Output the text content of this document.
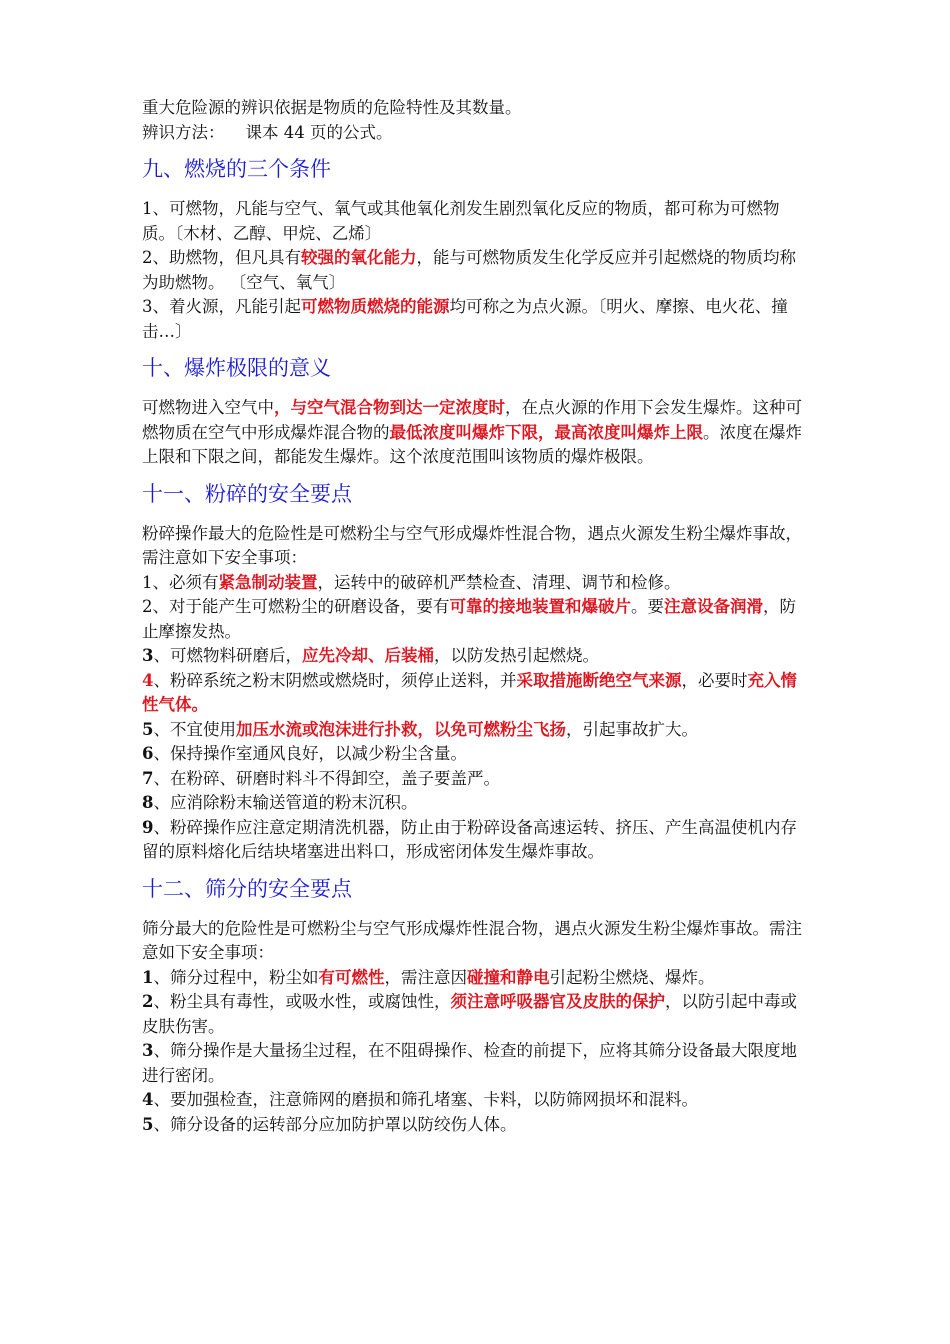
重大危险源的辨识依据是物质的危险特性及其数量。

辨识方法：    课本 44 页的公式。

九、燃烧的三个条件

1、可燃物，凡能与空气、氧气或其他氧化剂发生剧烈氧化反应的物质，都可称为可燃物质。〔木材、乙醇、甲烷、乙烯〕

2、助燃物，但凡具有较强的氧化能力，能与可燃物质发生化学反应并引起燃烧的物质均称

为助燃物。 〔空气、氧气〕

3、着火源，凡能引起可燃物质燃烧的能源均可称之为点火源。〔明火、摩擦、电火花、撞击…〕

十、爆炸极限的意义

可燃物进入空气中，与空气混合物到达一定浓度时，在点火源的作用下会发生爆炸。这种可燃物质在空气中形成爆炸混合物的最低浓度叫爆炸下限，最高浓度叫爆炸上限。浓度在爆炸上限和下限之间，都能发生爆炸。这个浓度范围叫该物质的爆炸极限。

十一、粉碎的安全要点

粉碎操作最大的危险性是可燃粉尘与空气形成爆炸性混合物，遇点火源发生粉尘爆炸事故，需注意如下安全事项：

1、必须有紧急制动装置，运转中的破碎机严禁检查、清理、调节和检修。

2、对于能产生可燃粉尘的研磨设备，要有可靠的接地装置和爆破片。要注意设备润滑，防止摩擦发热。

3、可燃物料研磨后，应先冷却、后装桶，以防发热引起燃烧。

4、粉碎系统之粉末阴燃或燃烧时，须停止送料，并采取措施断绝空气来源，必要时充入惰性气体。

5、不宜使用加压水流或泡沫进行扑救，以免可燃粉尘飞扬，引起事故扩大。

6、保持操作室通风良好，以减少粉尘含量。

7、在粉碎、研磨时料斗不得卸空，盖子要盖严。

8、应消除粉末输送管道的粉末沉积。

9、粉碎操作应注意定期清洗机器，防止由于粉碎设备高速运转、挤压、产生高温使机内存留的原料熔化后结块堵塞进出料口，形成密闭体发生爆炸事故。

十二、筛分的安全要点

筛分最大的危险性是可燃粉尘与空气形成爆炸性混合物，遇点火源发生粉尘爆炸事故。需注意如下安全事项：

1、筛分过程中，粉尘如有可燃性，需注意因碰撞和静电引起粉尘燃烧、爆炸。

2、粉尘具有毒性，或吸水性，或腐蚀性，须注意呼吸器官及皮肤的保护，以防引起中毒或皮肤伤害。

3、筛分操作是大量扬尘过程，在不阻碍操作、检查的前提下，应将其筛分设备最大限度地进行密闭。

4、要加强检查，注意筛网的磨损和筛孔堵塞、卡料，以防筛网损坏和混料。

5、筛分设备的运转部分应加防护罩以防绞伤人体。
